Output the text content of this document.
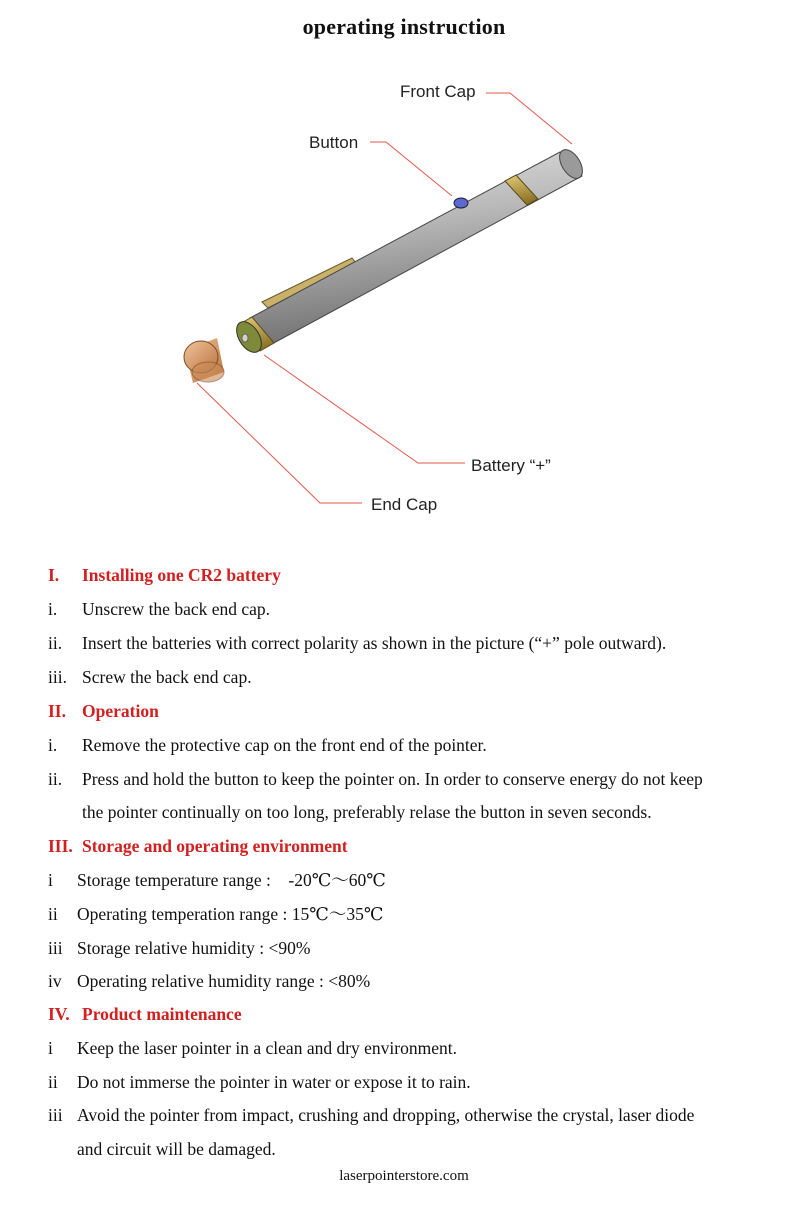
operating instruction
Front Cap
Button
Battery “+”
End Cap
I. Installing one CR2 battery
i. Unscrew the back end cap.
ii. Insert the batteries with correct polarity as shown in the picture (“+” pole outward).
iii. Screw the back end cap.
II. Operation
i. Remove the protective cap on the front end of the pointer.
ii. Press and hold the button to keep the pointer on. In order to conserve energy do not keep
the pointer continually on too long, preferably relase the button in seven seconds.
III. Storage and operating environment
i Storage temperature range :    -20℃～60℃
ii Operating temperation range : 15℃～35℃
iii Storage relative humidity : <90%
iv Operating relative humidity range : <80%
IV. Product maintenance
i Keep the laser pointer in a clean and dry environment.
ii Do not immerse the pointer in water or expose it to rain.
iii Avoid the pointer from impact, crushing and dropping, otherwise the crystal, laser diode
and circuit will be damaged.
laserpointerstore.com
